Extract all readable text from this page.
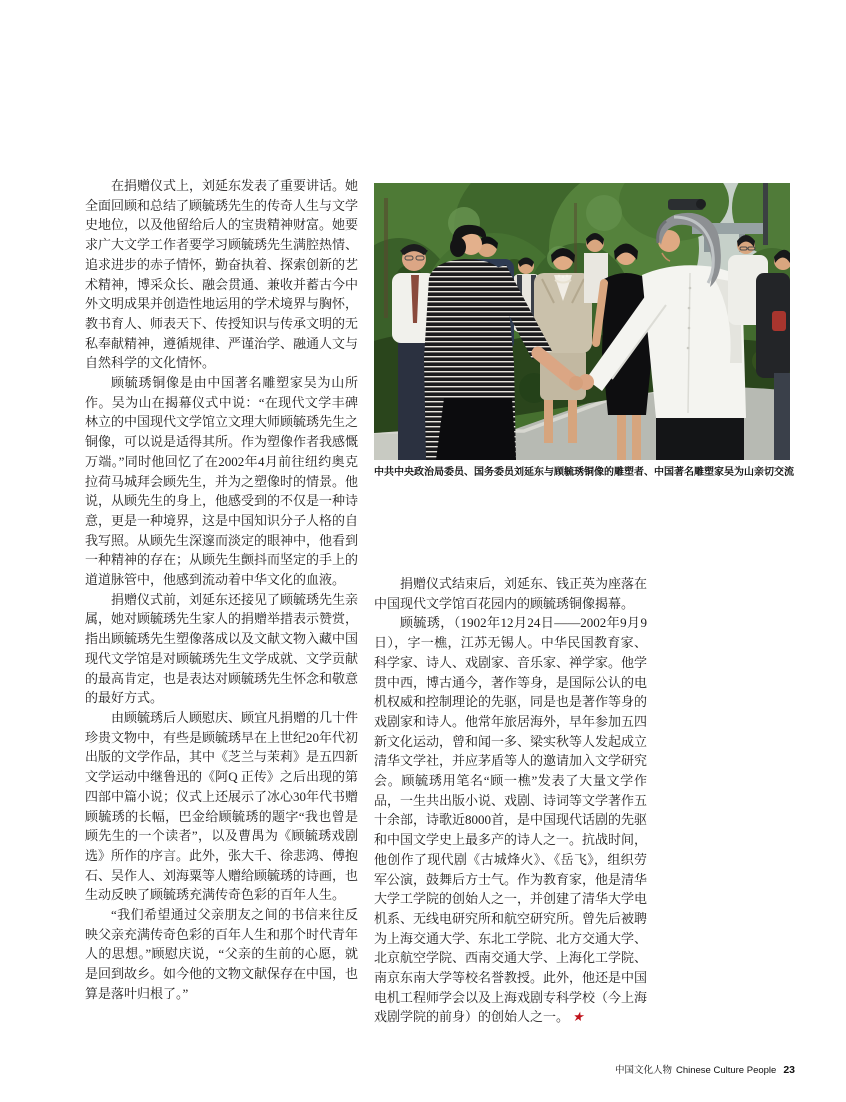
在捐赠仪式上，刘延东发表了重要讲话。她全面回顾和总结了顾毓琇先生的传奇人生与文学史地位，以及他留给后人的宝贵精神财富。她要求广大文学工作者要学习顾毓琇先生满腔热情、追求进步的赤子情怀，勤奋执着、探索创新的艺术精神，博采众长、融会贯通、兼收并蓄古今中外文明成果并创造性地运用的学术境界与胸怀，教书育人、师表天下、传授知识与传承文明的无私奉献精神，遵循规律、严谨治学、融通人文与自然科学的文化情怀。

顾毓琇铜像是由中国著名雕塑家吴为山所作。吴为山在揭幕仪式中说：“在现代文学丰碑林立的中国现代文学馆立文理大师顾毓琇先生之铜像，可以说是适得其所。作为塑像作者我感慨万端。”同时他回忆了在2002年4月前往纽约奥克拉荷马城拜会顾先生，并为之塑像时的情景。他说，从顾先生的身上，他感受到的不仅是一种诗意，更是一种境界，这是中国知识分子人格的自我写照。从顾先生深邃而淡定的眼神中，他看到一种精神的存在；从顾先生颤抖而坚定的手上的道道脉管中，他感到流动着中华文化的血液。

捐赠仪式前，刘延东还接见了顾毓琇先生亲属，她对顾毓琇先生家人的捐赠举措表示赞赏，指出顾毓琇先生塑像落成以及文献文物入藏中国现代文学馆是对顾毓琇先生文学成就、文学贡献的最高肯定，也是表达对顾毓琇先生怀念和敬意的最好方式。

由顾毓琇后人顾慰庆、顾宜凡捐赠的几十件珍贵文物中，有些是顾毓琇早在上世纪20年代初出版的文学作品，其中《芝兰与茉莉》是五四新文学运动中继鲁迅的《阿Q 正传》之后出现的第四部中篇小说；仪式上还展示了冰心30年代书赠顾毓琇的长幅，巴金给顾毓琇的题字“我也曾是顾先生的一个读者”，以及曹禺为《顾毓琇戏剧选》所作的序言。此外，张大千、徐悲鸿、傅抱石、吴作人、刘海粟等人赠给顾毓琇的诗画，也生动反映了顾毓琇充满传奇色彩的百年人生。

“我们希望通过父亲朋友之间的书信来往反映父亲充满传奇色彩的百年人生和那个时代青年人的思想。”顾慰庆说，“父亲的生前的心愿，就是回到故乡。如今他的文物文献保存在中国，也算是落叶归根了。”

中共中央政治局委员、国务委员刘延东与顾毓琇铜像的雕塑者、中国著名雕塑家吴为山亲切交流

捐赠仪式结束后，刘延东、钱正英为座落在中国现代文学馆百花园内的顾毓琇铜像揭幕。

顾毓琇，（1902年12月24日——2002年9月9日），字一樵，江苏无锡人。中华民国教育家、科学家、诗人、戏剧家、音乐家、禅学家。他学贯中西，博古通今，著作等身，是国际公认的电机权威和控制理论的先驱，同是也是著作等身的戏剧家和诗人。他常年旅居海外，早年参加五四新文化运动，曾和闻一多、梁实秋等人发起成立清华文学社，并应茅盾等人的邀请加入文学研究会。顾毓琇用笔名“顾一樵”发表了大量文学作品，一生共出版小说、戏剧、诗词等文学著作五十余部，诗歌近8000首，是中国现代话剧的先驱和中国文学史上最多产的诗人之一。抗战时间，他创作了现代剧《古城烽火》、《岳飞》，组织劳军公演，鼓舞后方士气。作为教育家，他是清华大学工学院的创始人之一，并创建了清华大学电机系、无线电研究所和航空研究所。曾先后被聘为上海交通大学、东北工学院、北方交通大学、北京航空学院、西南交通大学、上海化工学院、南京东南大学等校名誉教授。此外，他还是中国电机工程师学会以及上海戏剧专科学校（今上海戏剧学院的前身）的创始人之一。 ★

中国文化人物 Chinese Culture People 23
